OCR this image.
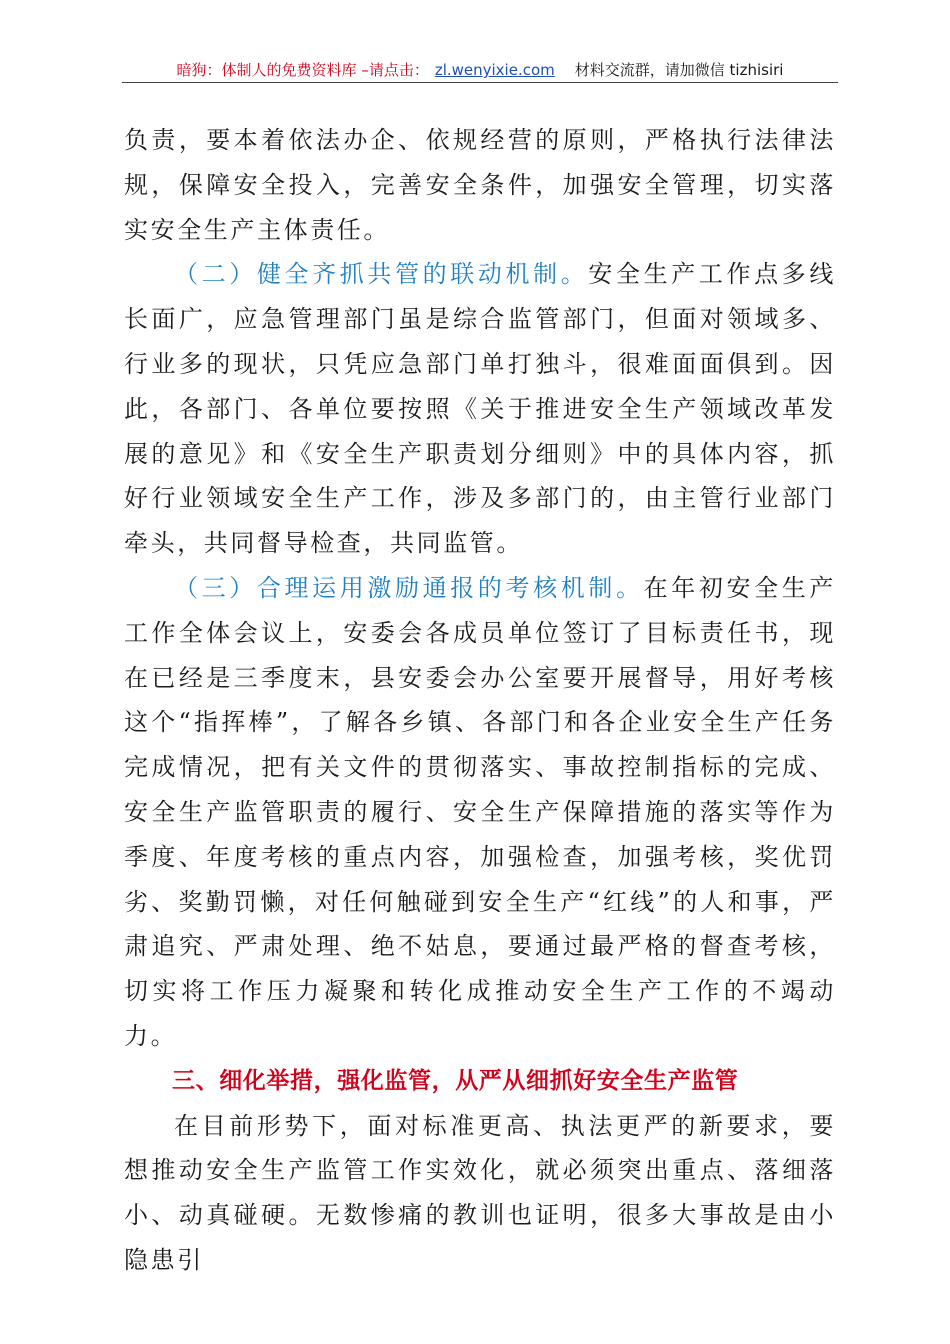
暗狗：体制人的免费资料库 –请点击： zl.wenyixie.com 材料交流群，请加微信 tizhisiri

负责，要本着依法办企、依规经营的原则，严格执行法律法规，保障安全投入，完善安全条件，加强安全管理，切实落实安全生产主体责任。

（二）健全齐抓共管的联动机制。安全生产工作点多线长面广，应急管理部门虽是综合监管部门，但面对领域多、行业多的现状，只凭应急部门单打独斗，很难面面俱到。因此，各部门、各单位要按照《关于推进安全生产领域改革发展的意见》和《安全生产职责划分细则》中的具体内容，抓好行业领域安全生产工作，涉及多部门的，由主管行业部门牵头，共同督导检查，共同监管。

（三）合理运用激励通报的考核机制。在年初安全生产工作全体会议上，安委会各成员单位签订了目标责任书，现在已经是三季度末，县安委会办公室要开展督导，用好考核这个“指挥棒”，了解各乡镇、各部门和各企业安全生产任务完成情况，把有关文件的贯彻落实、事故控制指标的完成、安全生产监管职责的履行、安全生产保障措施的落实等作为季度、年度考核的重点内容，加强检查，加强考核，奖优罚劣、奖勤罚懒，对任何触碰到安全生产“红线”的人和事，严肃追究、严肃处理、绝不姑息，要通过最严格的督查考核，切实将工作压力凝聚和转化成推动安全生产工作的不竭动力。

三、细化举措，强化监管，从严从细抓好安全生产监管

在目前形势下，面对标准更高、执法更严的新要求，要想推动安全生产监管工作实效化，就必须突出重点、落细落小、动真碰硬。无数惨痛的教训也证明，很多大事故是由小隐患引
